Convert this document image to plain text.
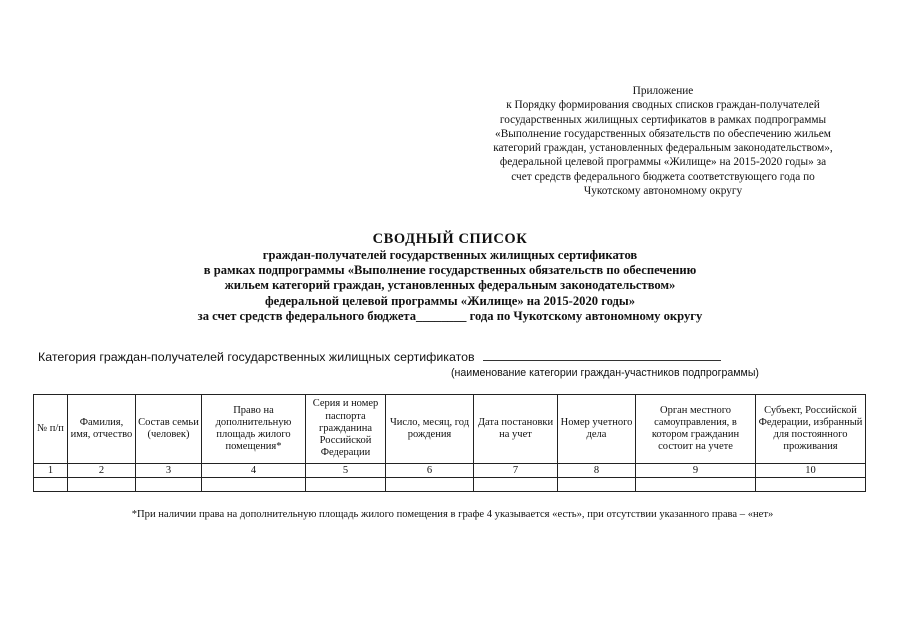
Приложение
к Порядку формирования сводных списков граждан-получателей
государственных жилищных сертификатов в рамках подпрограммы
«Выполнение государственных обязательств по обеспечению жильем
категорий граждан, установленных федеральным законодательством»,
федеральной целевой программы «Жилище» на 2015-2020 годы» за
счет средств федерального бюджета соответствующего года по
Чукотскому автономному округу
СВОДНЫЙ СПИСОК
граждан-получателей государственных жилищных сертификатов
в рамках подпрограммы «Выполнение государственных обязательств по обеспечению
жильем категорий граждан, установленных федеральным законодательством»
федеральной целевой программы «Жилище» на 2015-2020 годы»
за счет средств федерального бюджета________ года по Чукотскому автономному округу
Категория граждан-получателей государственных жилищных сертификатов
(наименование категории граждан-участников подпрограммы)
№ п/п	Фамилия, имя, отчество	Состав семьи (человек)	Право на дополнительную площадь жилого помещения*	Серия и номер паспорта гражданина Российской Федерации	Число, месяц, год рождения	Дата постановки на учет	Номер учетного дела	Орган местного самоуправления, в котором гражданин состоит на учете	Субъект, Российской Федерации, избранный для постоянного проживания
1	2	3	4	5	6	7	8	9	10

*При наличии права на дополнительную площадь жилого помещения в графе 4 указывается «есть», при отсутствии указанного права – «нет»
